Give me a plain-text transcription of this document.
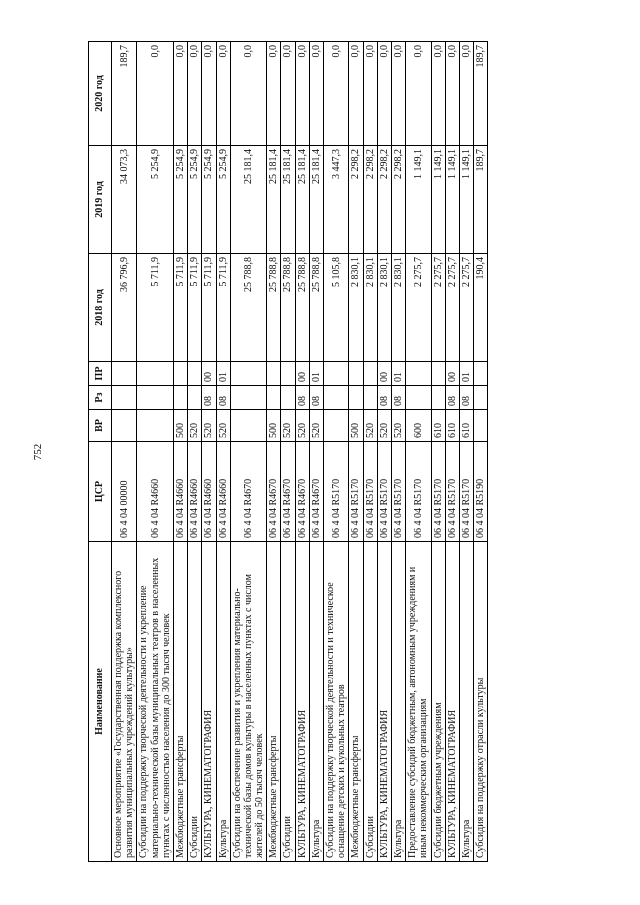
752
Наименование	ЦСР	ВР	Рз	ПР	2018 год	2019 год	2020 год
Основное мероприятие «Государственная поддержка комплексного развития муниципальных учреждений культуры»	06 4 04 00000				36 796,9	34 073,3	189,7
Субсидии на поддержку творческой деятельности и укрепление материально-технической базы муниципальных театров в населенных пунктах с численностью населения до 300 тысяч человек	06 4 04 R4660				5 711,9	5 254,9	0,0
Межбюджетные трансферты	06 4 04 R4660	500			5 711,9	5 254,9	0,0
Субсидии	06 4 04 R4660	520			5 711,9	5 254,9	0,0
КУЛЬТУРА, КИНЕМАТОГРАФИЯ	06 4 04 R4660	520	08	00	5 711,9	5 254,9	0,0
Культура	06 4 04 R4660	520	08	01	5 711,9	5 254,9	0,0
Субсидии на обеспечение развития и укрепления материально-технической базы домов культуры в населенных пунктах с числом жителей до 50 тысяч человек	06 4 04 R4670				25 788,8	25 181,4	0,0
Межбюджетные трансферты	06 4 04 R4670	500			25 788,8	25 181,4	0,0
Субсидии	06 4 04 R4670	520			25 788,8	25 181,4	0,0
КУЛЬТУРА, КИНЕМАТОГРАФИЯ	06 4 04 R4670	520	08	00	25 788,8	25 181,4	0,0
Культура	06 4 04 R4670	520	08	01	25 788,8	25 181,4	0,0
Субсидии на поддержку творческой деятельности и техническое оснащение детских и кукольных театров	06 4 04 R5170				5 105,8	3 447,3	0,0
Межбюджетные трансферты	06 4 04 R5170	500			2 830,1	2 298,2	0,0
Субсидии	06 4 04 R5170	520			2 830,1	2 298,2	0,0
КУЛЬТУРА, КИНЕМАТОГРАФИЯ	06 4 04 R5170	520	08	00	2 830,1	2 298,2	0,0
Культура	06 4 04 R5170	520	08	01	2 830,1	2 298,2	0,0
Предоставление субсидий бюджетным, автономным учреждениям и иным некоммерческим организациям	06 4 04 R5170	600			2 275,7	1 149,1	0,0
Субсидии бюджетным учреждениям	06 4 04 R5170	610			2 275,7	1 149,1	0,0
КУЛЬТУРА, КИНЕМАТОГРАФИЯ	06 4 04 R5170	610	08	00	2 275,7	1 149,1	0,0
Культура	06 4 04 R5170	610	08	01	2 275,7	1 149,1	0,0
Субсидия на поддержку отрасли культуры	06 4 04 R5190				190,4	189,7	189,7
